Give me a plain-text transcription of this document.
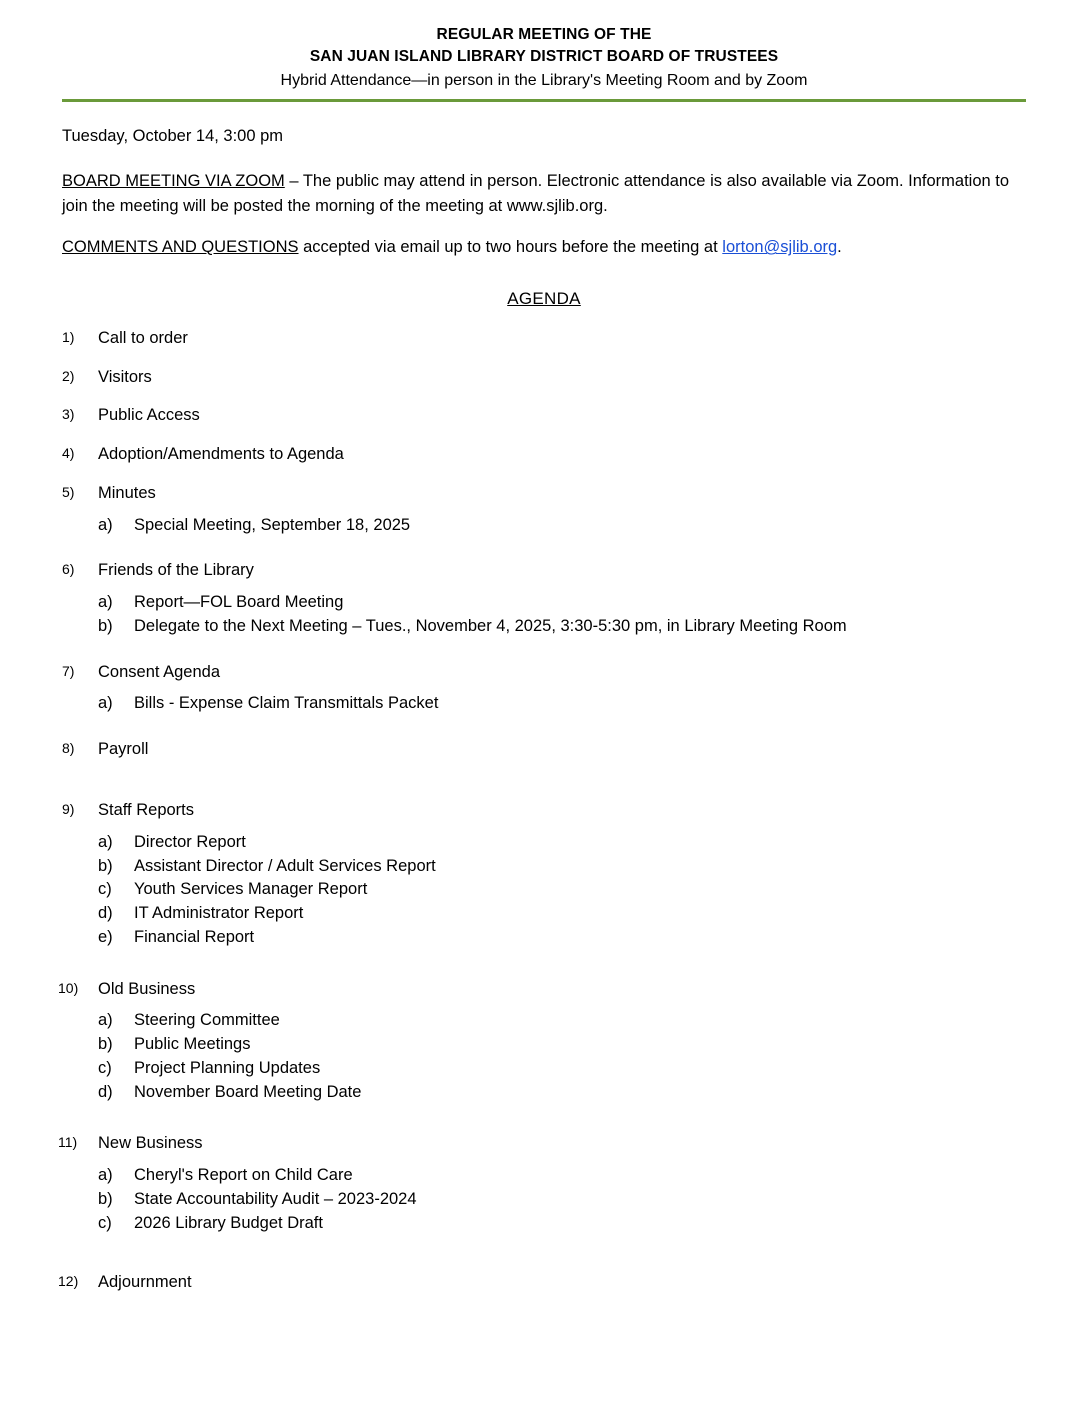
REGULAR MEETING OF THE
SAN JUAN ISLAND LIBRARY DISTRICT BOARD OF TRUSTEES
Hybrid Attendance—in person in the Library's Meeting Room and by Zoom

Tuesday, October 14, 3:00 pm

BOARD MEETING VIA ZOOM – The public may attend in person. Electronic attendance is also available via Zoom. Information to join the meeting will be posted the morning of the meeting at www.sjlib.org.

COMMENTS AND QUESTIONS accepted via email up to two hours before the meeting at lorton@sjlib.org.

AGENDA
1)	Call to order
2)	Visitors
3)	Public Access
4)	Adoption/Amendments to Agenda
5)	Minutes
a)	Special Meeting, September 18, 2025
6)	Friends of the Library
a)	Report—FOL Board Meeting
b)	Delegate to the Next Meeting – Tues., November 4, 2025, 3:30-5:30 pm, in Library Meeting Room
7)	Consent Agenda
a)	Bills - Expense Claim Transmittals Packet
8)	Payroll
9)	Staff Reports
a)	Director Report
b)	Assistant Director / Adult Services Report
c)	Youth Services Manager Report
d)	IT Administrator Report
e)	Financial Report
10)	Old Business
a)	Steering Committee
b)	Public Meetings
c)	Project Planning Updates
d)	November Board Meeting Date
11)	New Business
a)	Cheryl's Report on Child Care
b)	State Accountability Audit – 2023-2024
c)	2026 Library Budget Draft
12)	Adjournment
